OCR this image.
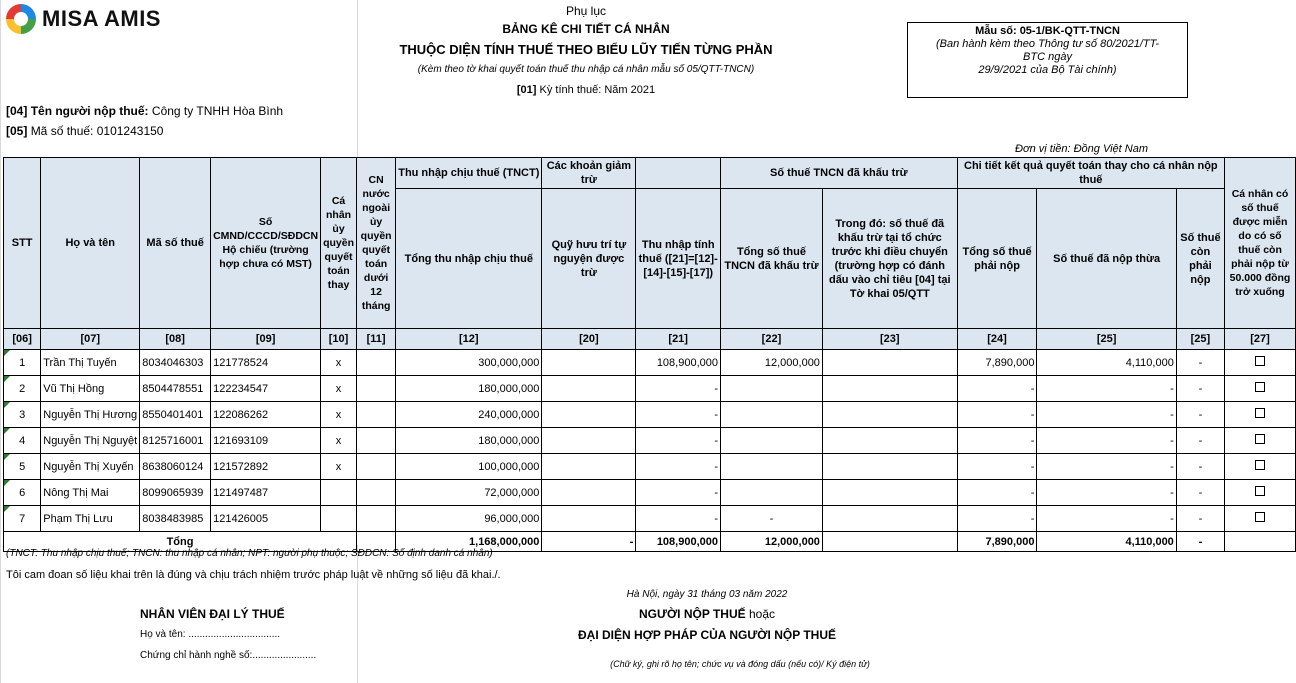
MISA AMIS	Phụ lục
BẢNG KÊ CHI TIẾT CÁ NHÂN
THUỘC DIỆN TÍNH THUẾ THEO BIỂU LŨY TIẾN TỪNG PHẦN
(Kèm theo tờ khai quyết toán thuế thu nhập cá nhân mẫu số 05/QTT-TNCN)
[01] Kỳ tính thuế: Năm 2021
Mẫu số: 05-1/BK-QTT-TNCN
(Ban hành kèm theo Thông tư số 80/2021/TT-
BTC ngày
29/9/2021 của Bộ Tài chính)
[04] Tên người nộp thuế: Công ty TNHH Hòa Bình
[05] Mã số thuế: 0101243150
Đơn vị tiền: Đồng Việt Nam
STT	Họ và tên	Mã số thuế	Số CMND/CCCD/SĐDCN Hộ chiếu (trường hợp chưa có MST)	Cá nhân ủy quyền quyết toán thay	CN nước ngoài ủy quyền quyết toán dưới 12 tháng	Thu nhập chịu thuế (TNCT)	Các khoản giảm trừ		Số thuế TNCN đã khấu trừ		Chi tiết kết quả quyết toán thay cho cá nhân nộp thuế			Cá nhân có số thuế được miễn do có số thuế còn phải nộp từ 50.000 đồng trở xuống
						Tổng thu nhập chịu thuế	Quỹ hưu trí tự nguyện được trừ	Thu nhập tính thuế ([21]=[12]-[14]-[15]-[17])	Tổng số thuế TNCN đã khấu trừ	Trong đó: số thuế đã khấu trừ tại tổ chức trước khi điều chuyển (trường hợp có đánh dấu vào chỉ tiêu [04] tại Tờ khai 05/QTT	Tổng số thuế phải nộp	Số thuế đã nộp thừa	Số thuế còn phải nộp	
[06]	[07]	[08]	[09]	[10]	[11]	[12]	[20]	[21]	[22]	[23]	[24]	[25]	[25]	[27]

1	Trần Thị Tuyến	8034046303	121778524	x		300,000,000		108,900,000	12,000,000		7,890,000	4,110,000	-	

2	Vũ Thị Hồng	8504478551	122234547	x		180,000,000		-			-	-	-	

3	Nguyễn Thị Hương	8550401401	122086262	x		240,000,000		-			-	-	-	

4	Nguyễn Thị Nguyệt	8125716001	121693109	x		180,000,000		-			-	-	-	

5	Nguyễn Thị Xuyến	8638060124	121572892	x		100,000,000		-			-	-	-	

6	Nông Thị Mai	8099065939	121497487			72,000,000		-			-	-	-	

7	Phạm Thị Lưu	8038483985	121426005			96,000,000		-	-		-	-	-	
Tổng						1,168,000,000	-	108,900,000	12,000,000		7,890,000	4,110,000	-	
(TNCT: Thu nhập chịu thuế; TNCN: thu nhập cá nhân; NPT: người phụ thuộc; SĐDCN: Số định danh cá nhân)
Tôi cam đoan số liệu khai trên là đúng và chịu trách nhiệm trước pháp luật về những số liệu đã khai./.
NHÂN VIÊN ĐẠI LÝ THUẾ
Họ và tên: .................................
Chứng chỉ hành nghề số:.......................
Hà Nội, ngày 31 tháng 03 năm 2022
NGƯỜI NỘP THUẾ hoặc
ĐẠI DIỆN HỢP PHÁP CỦA NGƯỜI NỘP THUẾ
(Chữ ký, ghi rõ họ tên; chức vụ và đóng dấu (nếu có)/ Ký điện tử)
